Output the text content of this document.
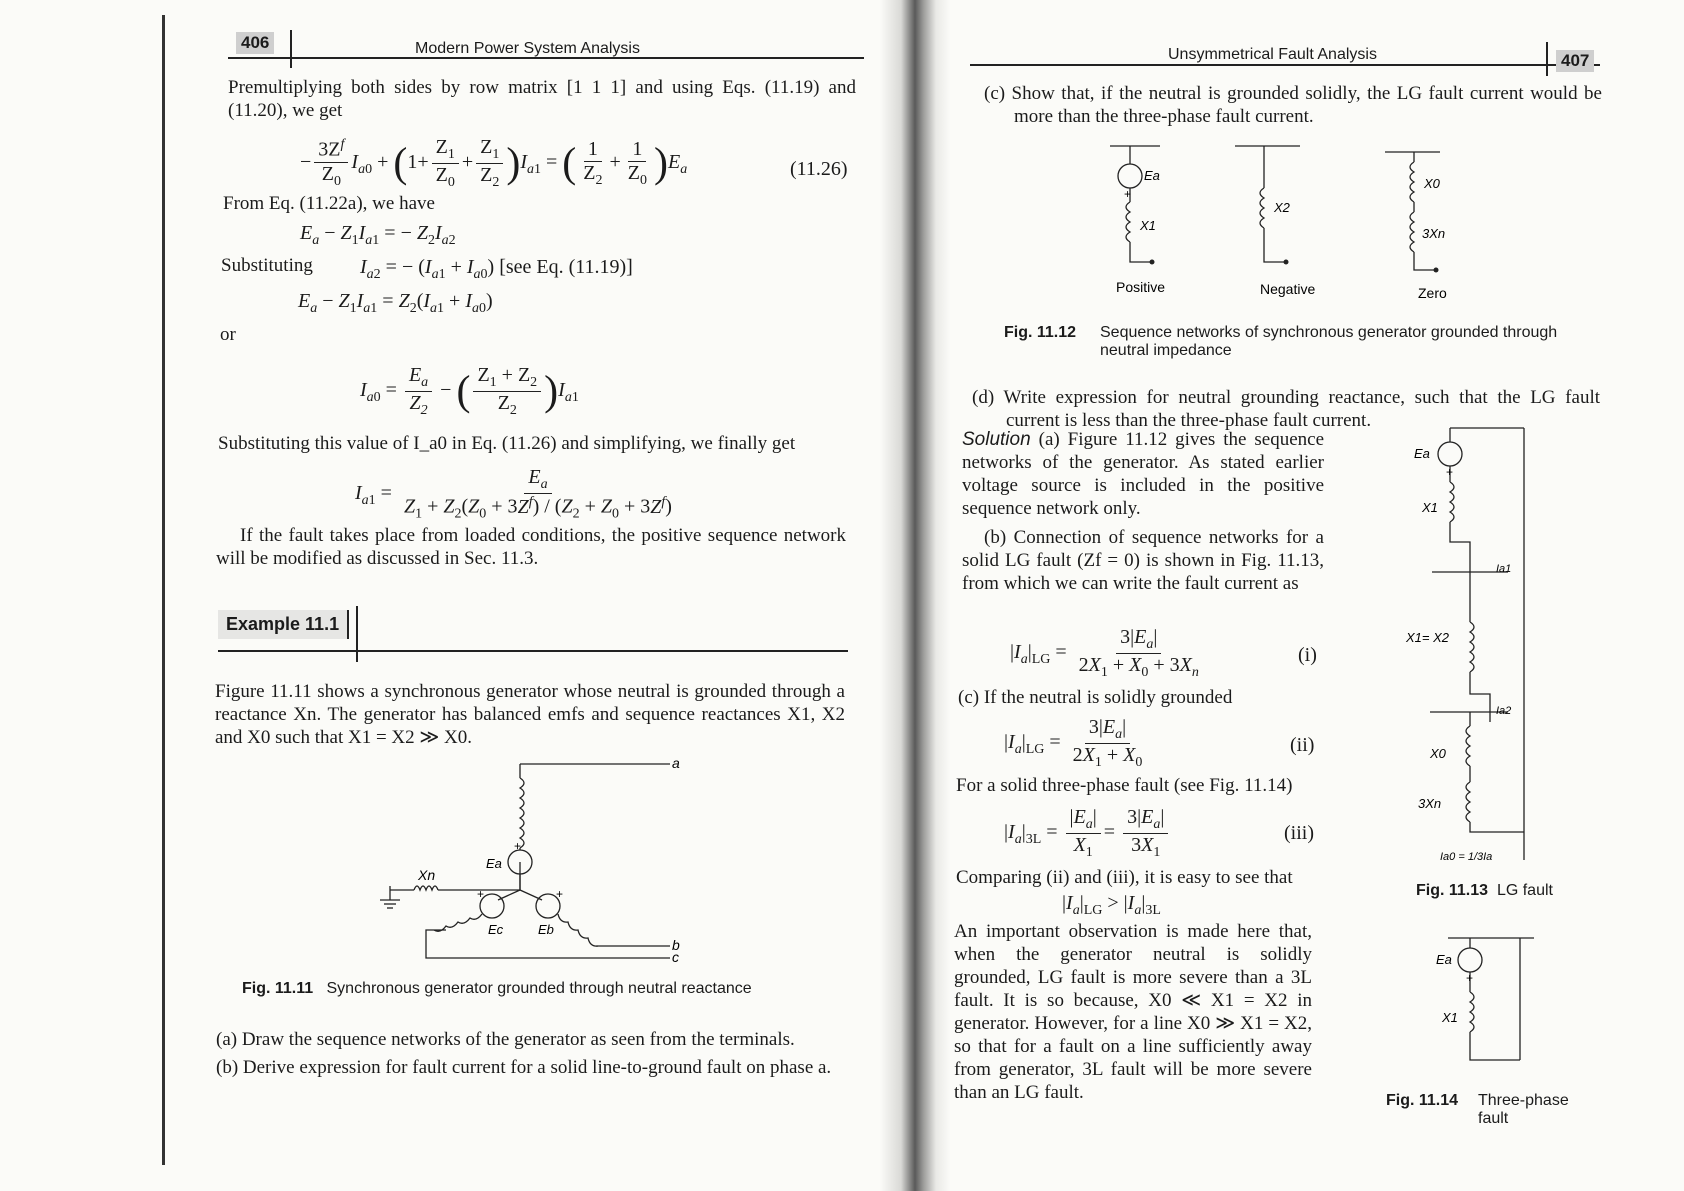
406	Modern Power System Analysis

Premultiplying both sides by row matrix [1 1 1] and using Eqs. (11.19) and (11.20), we get

− $\frac{3Z^f}{Z_0} I_{a0} + (1+ \frac{Z_1}{Z_0} + \frac{Z_1}{Z_2} )I_{a1}$ = ( $\frac{1}{Z_2} + \frac{1}{Z_0} )E_a$	(11.26)

From Eq. (11.22a), we have

$E_a - Z_1I_{a1}$ = − $Z_2I_{a2}$

Substituting $I_{a2}$ = − $(I_{a1} + I_{a0})$ [see Eq. (11.19)]
$E_a - Z_1I_{a1} = Z_2(I_{a1} + I_{a0})$

or

$I_{a0} = \frac{E_a}{Z_2}$ − ( $\frac{Z_1 + Z_2}{Z_2} )I_{a1}$

Substituting this value of I_a0 in Eq. (11.26) and simplifying, we finally get

$I_{a1} = \frac{E_a}{Z_1 + Z_2(Z_0 + 3Z^f) / (Z_2 + Z_0 + 3Z^f)}$

If the fault takes place from loaded conditions, the positive sequence network will be modified as discussed in Sec. 11.3.

Example 11.1

Figure 11.11 shows a synchronous generator whose neutral is grounded through a reactance Xn. The generator has balanced emfs and sequence reactances X1, X2 and X0 such that X1 = X2 ≫ X0.

a
b
c
Xn
Ea
Ec	Eb
+
+	+
Fig. 11.11 Synchronous generator grounded through neutral reactance

(a) Draw the sequence networks of the generator as seen from the terminals.

(b) Derive expression for fault current for a solid line-to-ground fault on phase a.

Unsymmetrical Fault Analysis	407

(c) Show that, if the neutral is grounded solidly, the LG fault current would be more than the three-phase fault current.

Ea
+
X1
X2
X0
3Xn
Positive	Negative	Zero
Fig. 11.12	Sequence networks of synchronous generator grounded through neutral impedance

(d) Write expression for neutral grounding reactance, such that the LG fault current is less than the three-phase fault current.

Solution (a) Figure 11.12 gives the sequence networks of the generator. As stated earlier voltage source is included in the positive sequence network only.

(b) Connection of sequence networks for a solid LG fault (Zf = 0) is shown in Fig. 11.13, from which we can write the fault current as

$|I_a|_{LG} = \frac{3|E_a|}{2X_1 + X_0 + 3X_n}$	(i)

(c) If the neutral is solidly grounded

$|I_a|_{LG} = \frac{3|E_a|}{2X_1 + X_0}$	(ii)

For a solid three-phase fault (see Fig. 11.14)

$|I_a|_{3L} = \frac{|E_a|}{X_1} = \frac{3|E_a|}{3X_1}$	(iii)

Comparing (ii) and (iii), it is easy to see that

$|I_a|_{LG} > |I_a|_{3L}$

An important observation is made here that, when the generator neutral is solidly grounded, LG fault is more severe than a 3L fault. It is so because, X0 ≪ X1 = X2 in generator. However, for a line X0 ≫ X1 = X2, so that for a fault on a line sufficiently away from generator, 3L fault will be more severe than an LG fault.

Ea
+
X1
Ia1
X1= X2
Ia2
X0
3Xn
Ia0 = 1/3Ia
Fig. 11.13 LG fault
Ea
+
X1
Fig. 11.14	Three-phase fault
